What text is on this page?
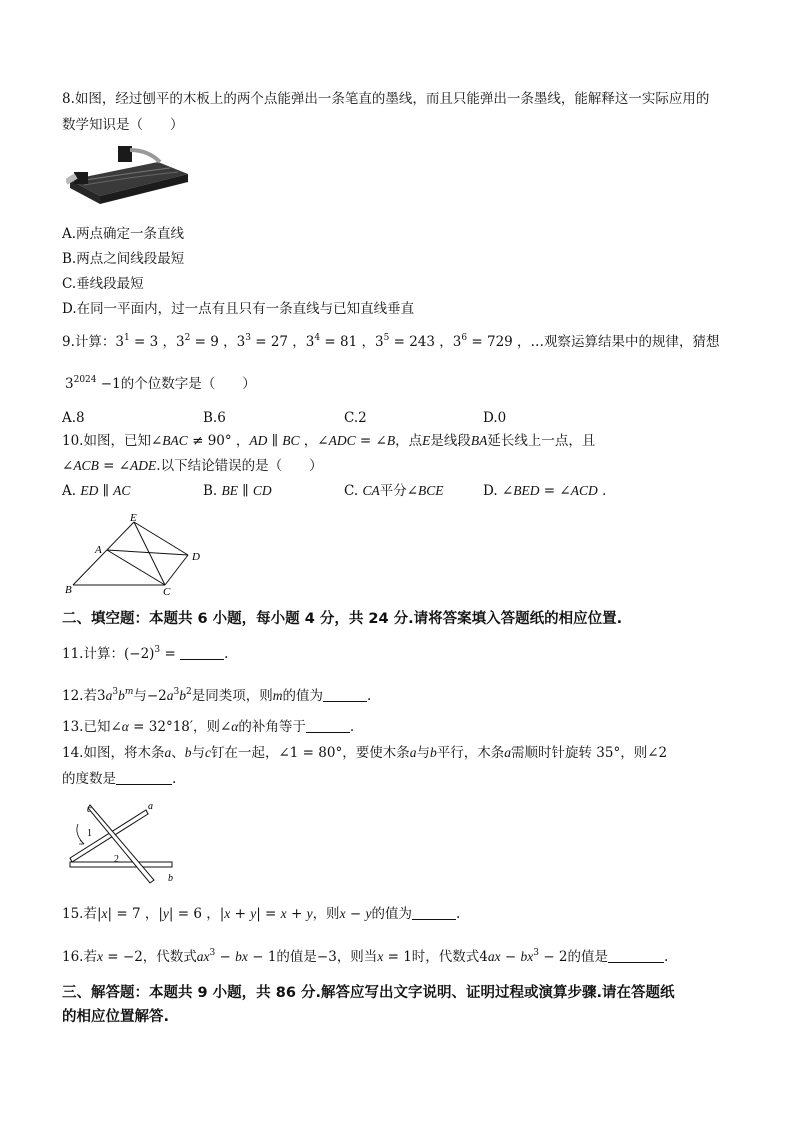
8.如图，经过刨平的木板上的两个点能弹出一条笔直的墨线，而且只能弹出一条墨线，能解释这一实际应用的
数学知识是（　　）
A.两点确定一条直线
B.两点之间线段最短
C.垂线段最短
D.在同一平面内，过一点有且只有一条直线与已知直线垂直
9.计算：$3^1 = 3$ ，$3^2 = 9$ ，$3^3 = 27$ ，$3^4 = 81$ ，$3^5 = 243$ ，$3^6 = 729$ ，…观察运算结果中的规律，猜想
$3^{2024} -1$的个位数字是（　　）
A.8	B.6	C.2	D.0
10.如图，已知∠BAC ≠ 90° ，AD ∥ BC ，∠ADC = ∠B，点E是线段BA延长线上一点，且
∠ACB = ∠ADE.以下结论错误的是（　　）
A. ED ∥ AC	B. BE ∥ CD	C. CA平分∠BCE	D. ∠BED = ∠ACD .
E
A
D
B	C
二、填空题：本题共 6 小题，每小题 4 分，共 24 分.请将答案填入答题纸的相应位置.
11.计算：$(-2)^3$ =	.
12.若$3a^3b^m$与$-2a^3b^2$是同类项，则m的值为	.
13.已知∠α = 32°18′，则∠α的补角等于	.
14.如图，将木条a、b与c钉在一起，∠1 = 80°，要使木条a与b平行，木条a需顺时针旋转 35°，则∠2
的度数是	.
c	a
1
2
b
15.若|x| = 7 ，|y| = 6 ，|x + y| = x + y，则x − y的值为	.
16.若x = −2，代数式$ax^3$ − bx − 1的值是−3，则当x = 1时，代数式$4ax - bx^3 - 2$的值是	.
三、解答题：本题共 9 小题，共 86 分.解答应写出文字说明、证明过程或演算步骤.请在答题纸
的相应位置解答.
